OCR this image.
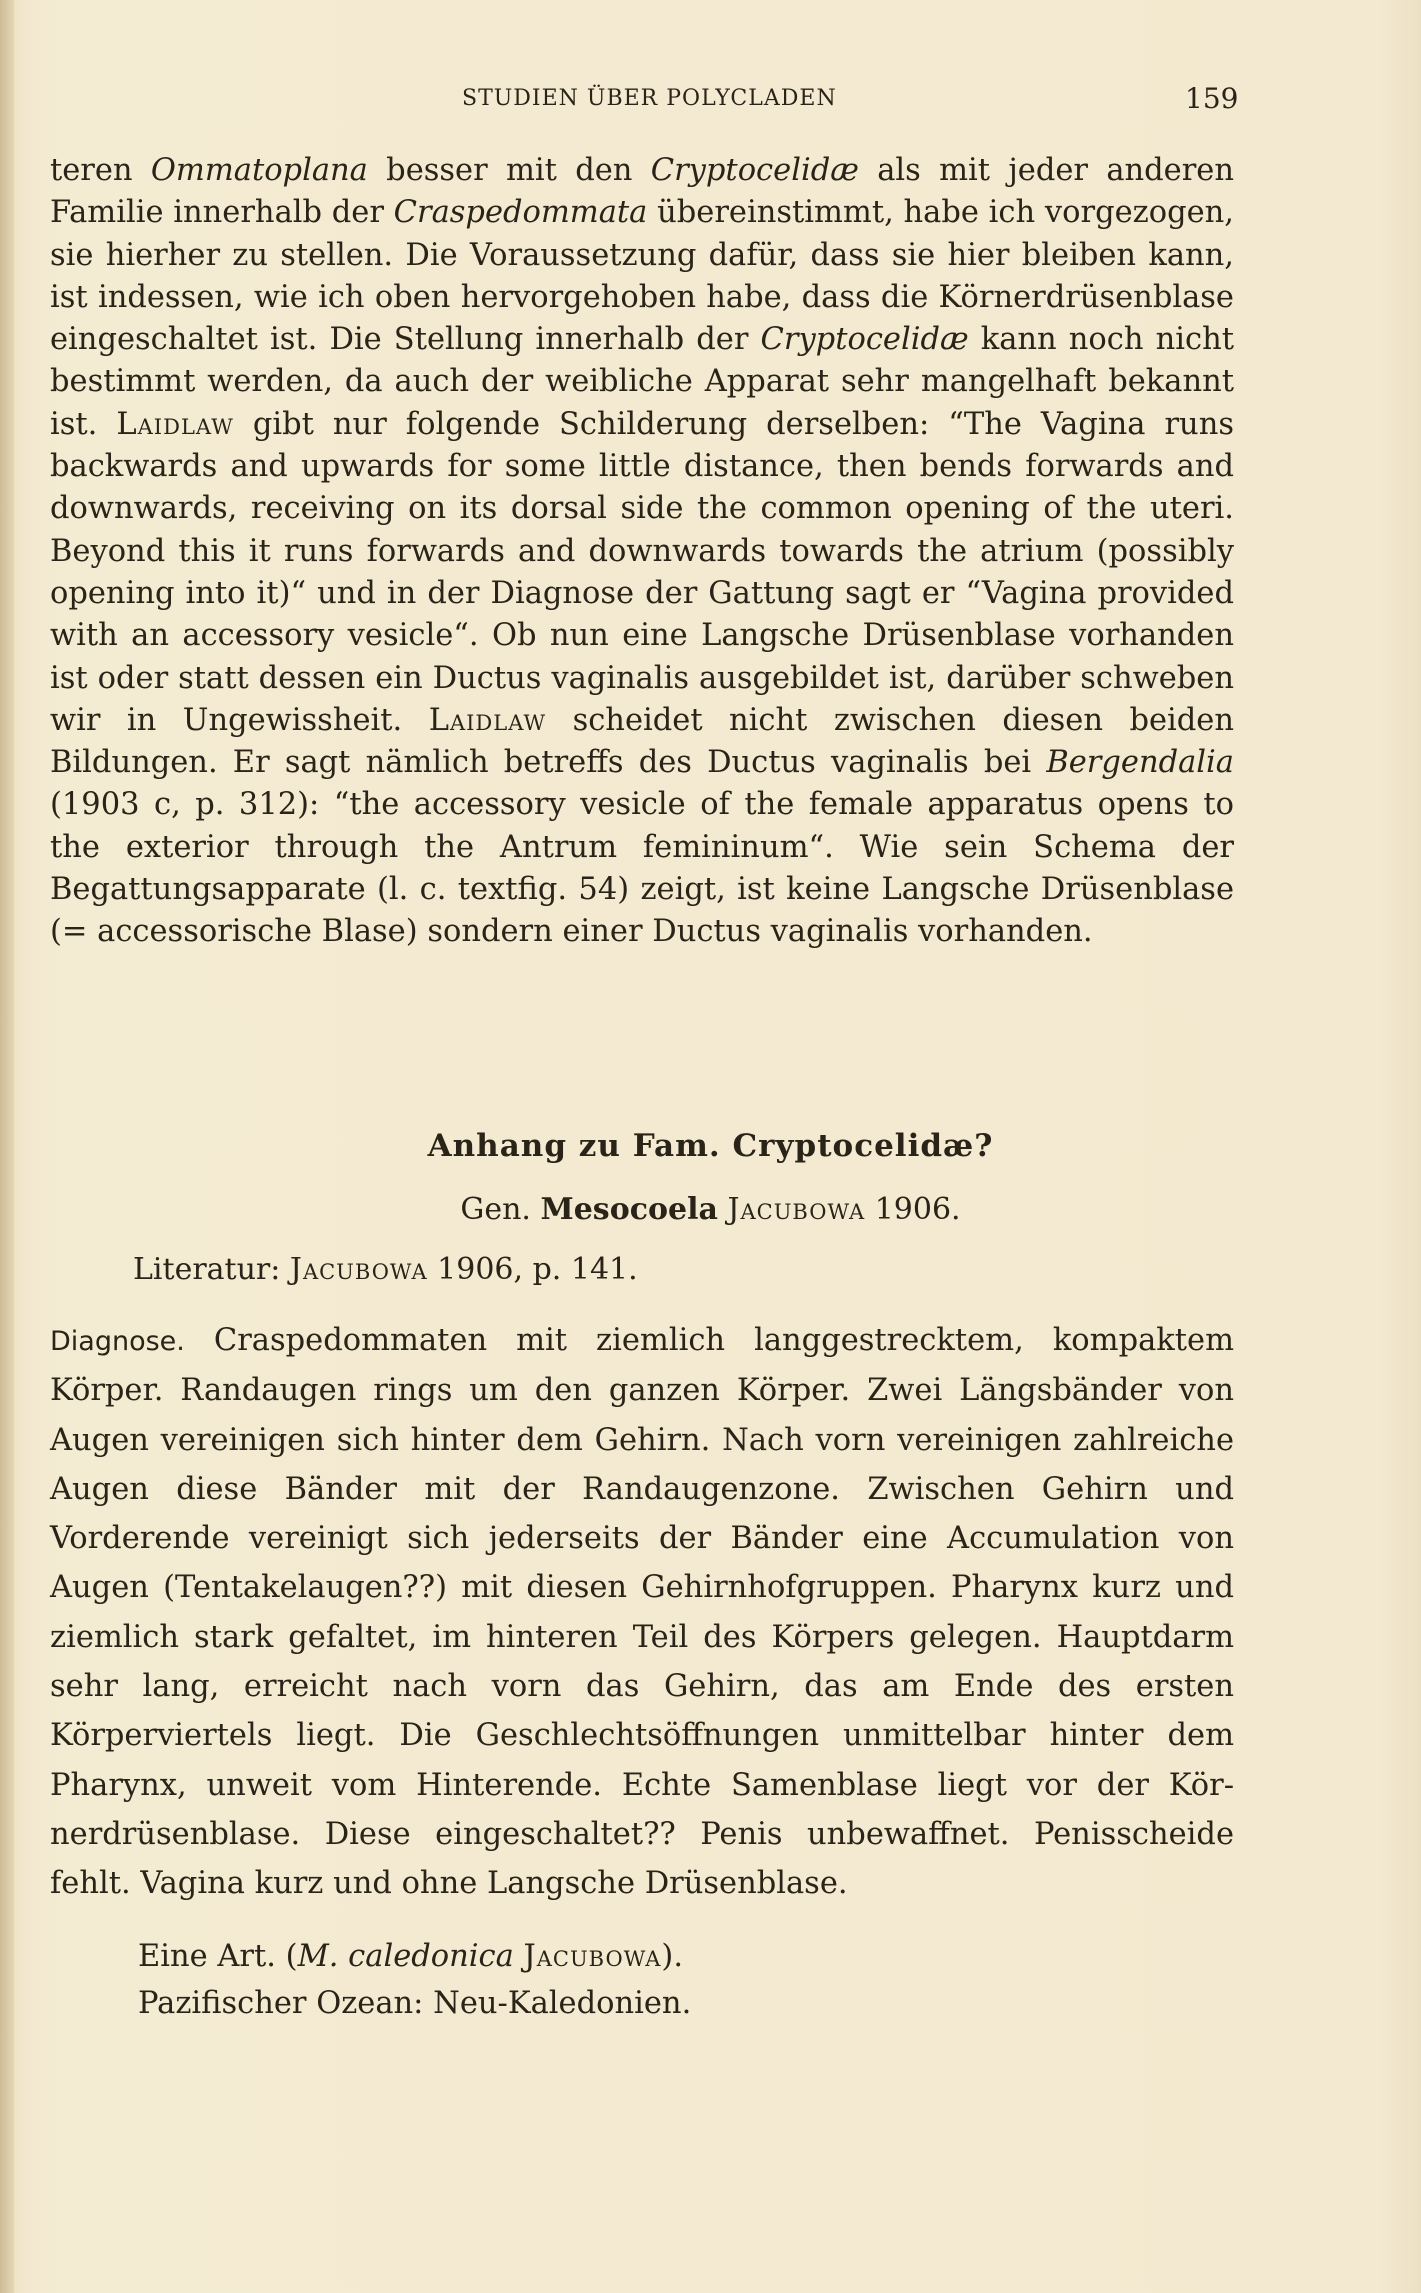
STUDIEN ÜBER POLYCLADEN	159

teren Ommatoplana besser mit den Cryptocelidæ als mit jeder anderen Familie innerhalb der Craspedommata übereinstimmt, habe ich vorgezogen, sie hierher zu stellen. Die Voraussetzung dafür, dass sie hier bleiben kann, ist indessen, wie ich oben hervorgehoben habe, dass die Körnerdrüsenblase eingeschaltet ist. Die Stellung innerhalb der Cryptocelidæ kann noch nicht bestimmt werden, da auch der weibliche Apparat sehr mangelhaft bekannt ist. Laidlaw gibt nur folgende Schilderung derselben: “The Vagina runs backwards and upwards for some little distance, then bends forwards and downwards, receiving on its dorsal side the common opening of the uteri. Beyond this it runs forwards and downwards towards the atrium (possibly opening into it)“ und in der Diagnose der Gattung sagt er “Vagina provided with an accessory vesicle“. Ob nun eine Langsche Drüsenblase vorhanden ist oder statt dessen ein Ductus vaginalis ausgebildet ist, darüber schweben wir in Ungewissheit. Laidlaw scheidet nicht zwischen diesen beiden Bildungen. Er sagt nämlich betreffs des Ductus vaginalis bei Bergendalia (1903 c, p. 312): “the accessory vesicle of the female apparatus opens to the exterior through the Antrum femininum“. Wie sein Schema der Begattungsapparate (l. c. textfig. 54) zeigt, ist keine Langsche Drüsenblase (= accessorische Blase) sondern einer Ductus vaginalis vorhanden.

Anhang zu Fam. Cryptocelidæ?
Gen. Mesocoela Jacubowa 1906.
Literatur: Jacubowa 1906, p. 141.
Diagnose. Craspedommaten mit ziemlich langgestrecktem, kompaktem Körper. Randaugen rings um den ganzen Körper. Zwei Längsbänder von Augen vereinigen sich hinter dem Gehirn. Nach vorn vereinigen zahlreiche Augen diese Bänder mit der Randaugenzone. Zwischen Gehirn und Vorderende vereinigt sich jederseits der Bänder eine Accumulation von Augen (Tentakelaugen??) mit diesen Gehirnhofgruppen. Pharynx kurz und ziemlich stark gefaltet, im hinteren Teil des Körpers gelegen. Hauptdarm sehr lang, erreicht nach vorn das Gehirn, das am Ende des ersten Körperviertels liegt. Die Geschlechtsöffnungen unmittelbar hinter dem Pharynx, unweit vom Hinterende. Echte Samenblase liegt vor der Körnerdrüsenblase. Diese eingeschaltet?? Penis unbewaffnet. Penisscheide fehlt. Vagina kurz und ohne Langsche Drüsenblase.
Eine Art. (M. caledonica Jacubowa).
Pazifischer Ozean: Neu-Kaledonien.
